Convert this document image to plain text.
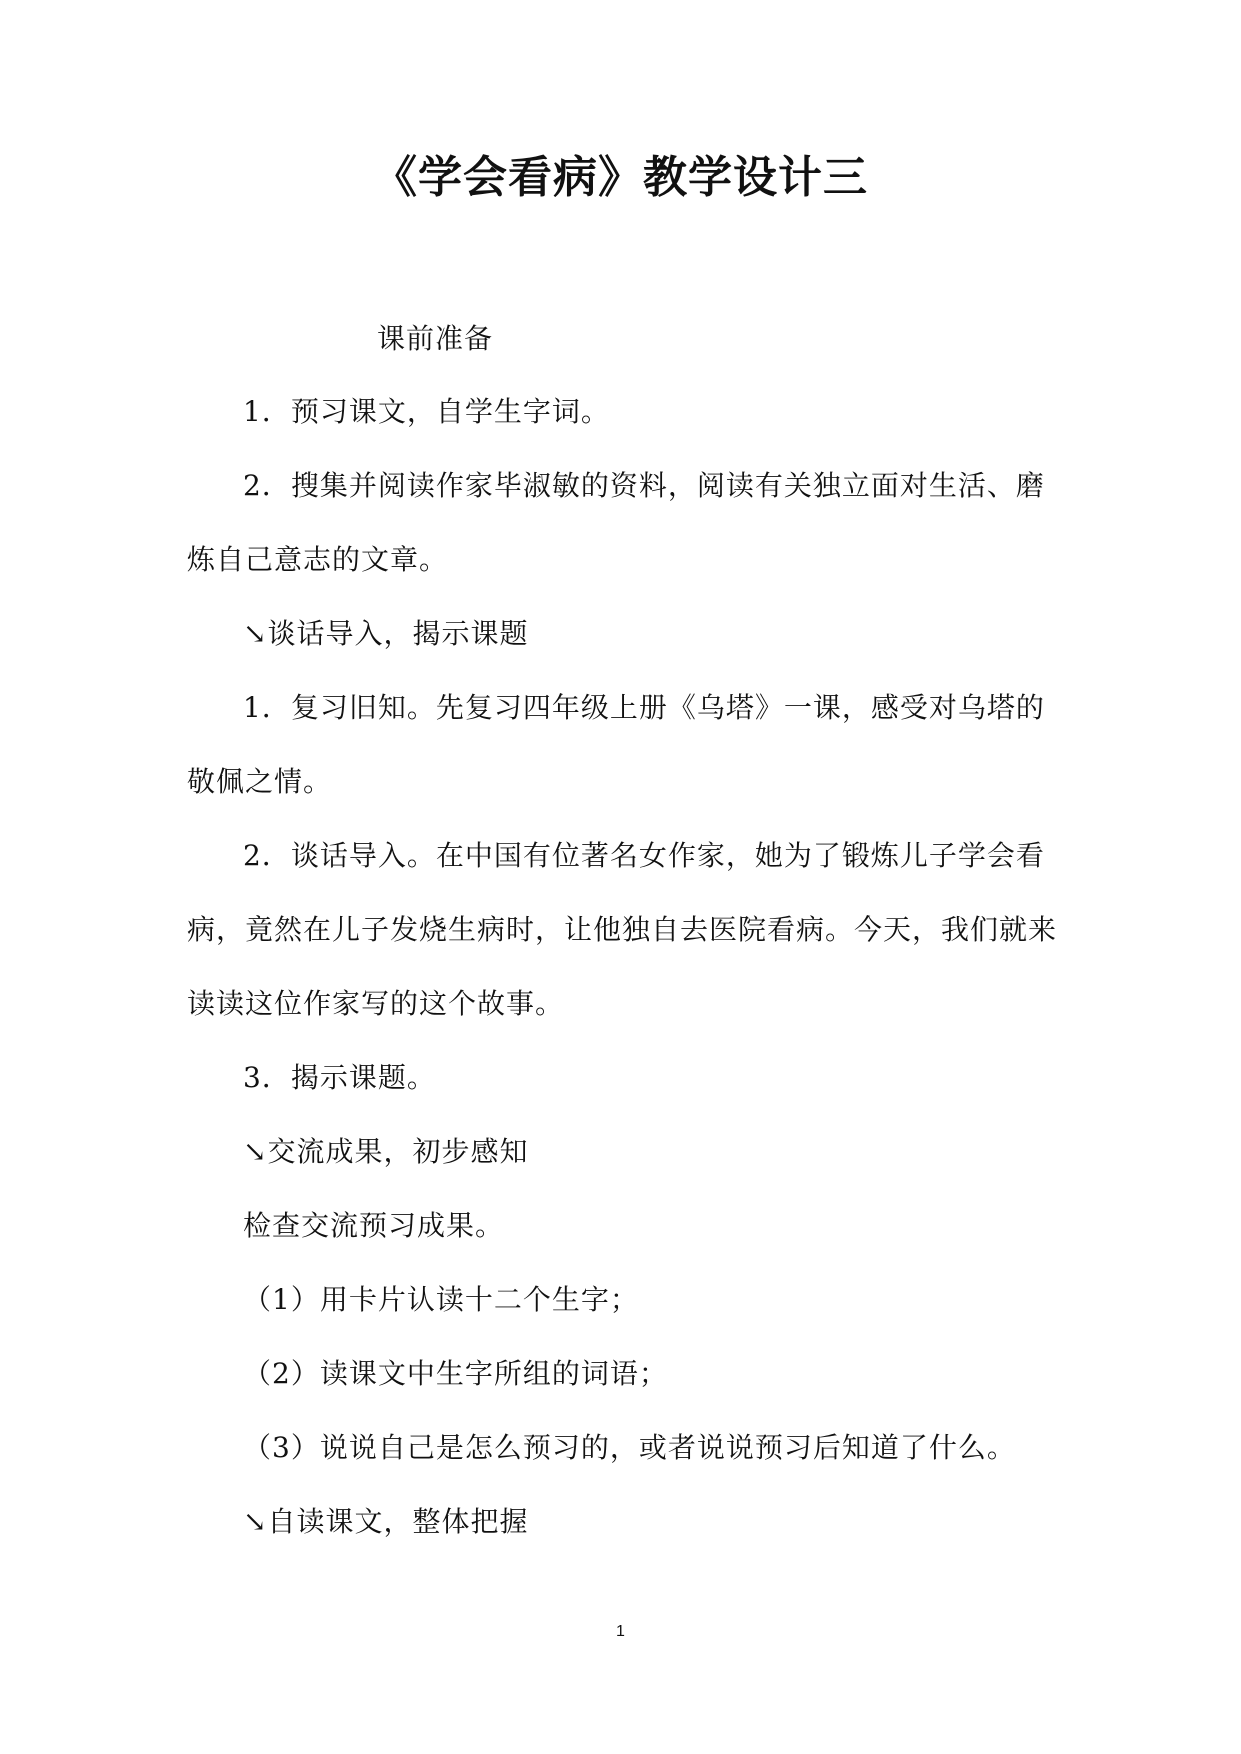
《学会看病》教学设计三
课前准备
1．预习课文，自学生字词。
2．搜集并阅读作家毕淑敏的资料，阅读有关独立面对生活、磨
炼自己意志的文章。
↘谈话导入，揭示课题
1．复习旧知。先复习四年级上册《乌塔》一课，感受对乌塔的
敬佩之情。
2．谈话导入。在中国有位著名女作家，她为了锻炼儿子学会看
病，竟然在儿子发烧生病时，让他独自去医院看病。今天，我们就来
读读这位作家写的这个故事。
3．揭示课题。
↘交流成果，初步感知
检查交流预习成果。
（1）用卡片认读十二个生字；
（2）读课文中生字所组的词语；
（3）说说自己是怎么预习的，或者说说预习后知道了什么。
↘自读课文，整体把握
1
